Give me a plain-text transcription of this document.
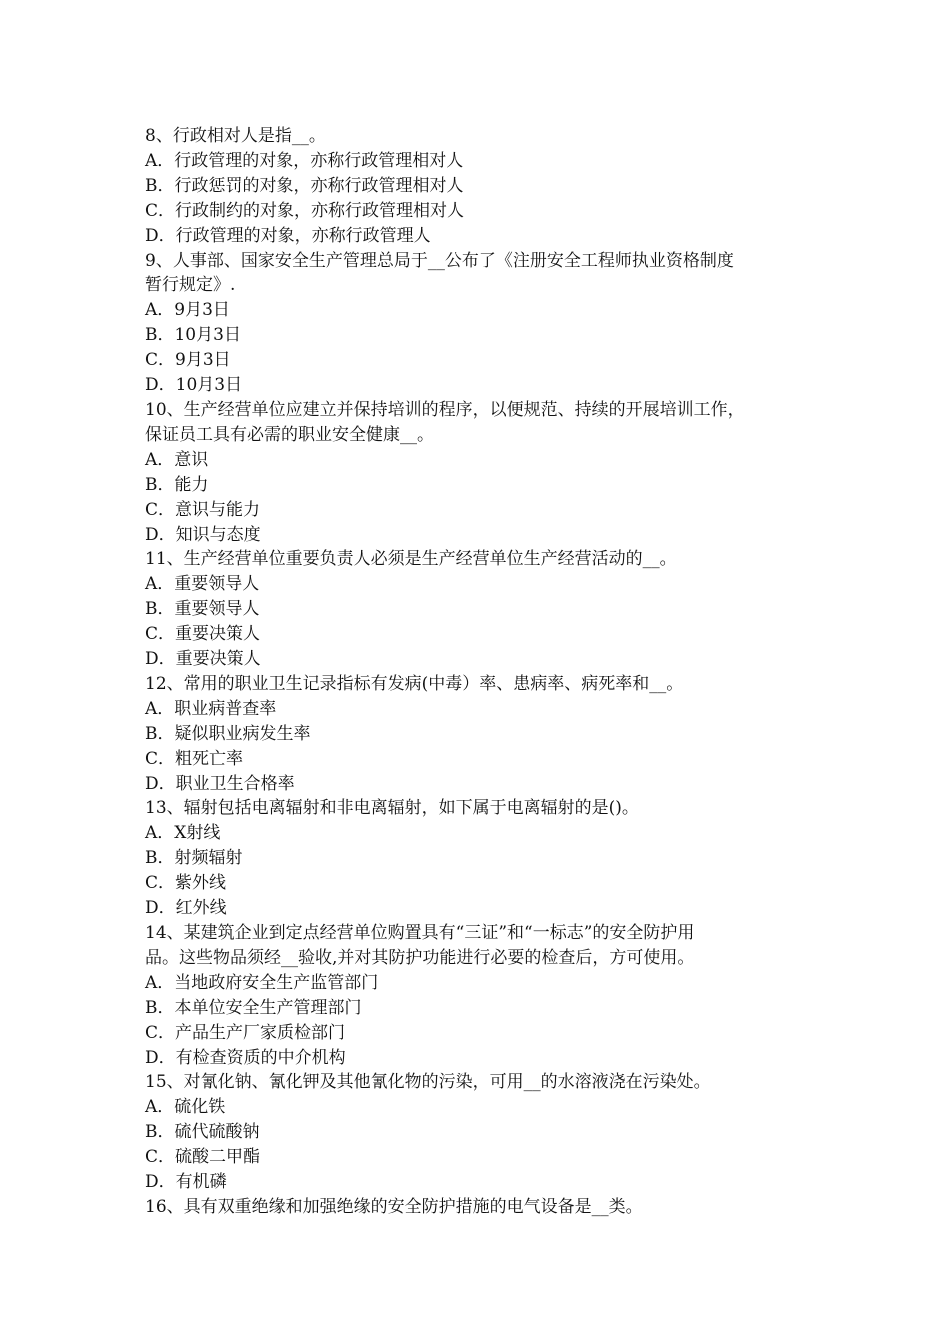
8、行政相对人是指__。
A．行政管理的对象，亦称行政管理相对人
B．行政惩罚的对象，亦称行政管理相对人
C．行政制约的对象，亦称行政管理相对人
D．行政管理的对象，亦称行政管理人
9、人事部、国家安全生产管理总局于__公布了《注册安全工程师执业资格制度
暂行规定》.
A．9月3日
B．10月3日
C．9月3日
D．10月3日
10、生产经营单位应建立并保持培训的程序，以便规范、持续的开展培训工作，
保证员工具有必需的职业安全健康__。
A．意识
B．能力
C．意识与能力
D．知识与态度
11、生产经营单位重要负责人必须是生产经营单位生产经营活动的__。
A．重要领导人
B．重要领导人
C．重要决策人
D．重要决策人
12、常用的职业卫生记录指标有发病(中毒）率、患病率、病死率和__。
A．职业病普查率
B．疑似职业病发生率
C．粗死亡率
D．职业卫生合格率
13、辐射包括电离辐射和非电离辐射，如下属于电离辐射的是()。
A．X射线
B．射频辐射
C．紫外线
D．红外线
14、某建筑企业到定点经营单位购置具有“三证”和“一标志”的安全防护用
品。这些物品须经__验收,并对其防护功能进行必要的检查后，方可使用。
A．当地政府安全生产监管部门
B．本单位安全生产管理部门
C．产品生产厂家质检部门
D．有检查资质的中介机构
15、对氰化钠、氰化钾及其他氰化物的污染，可用__的水溶液浇在污染处。
A．硫化铁
B．硫代硫酸钠
C．硫酸二甲酯
D．有机磷
16、具有双重绝缘和加强绝缘的安全防护措施的电气设备是__类。
